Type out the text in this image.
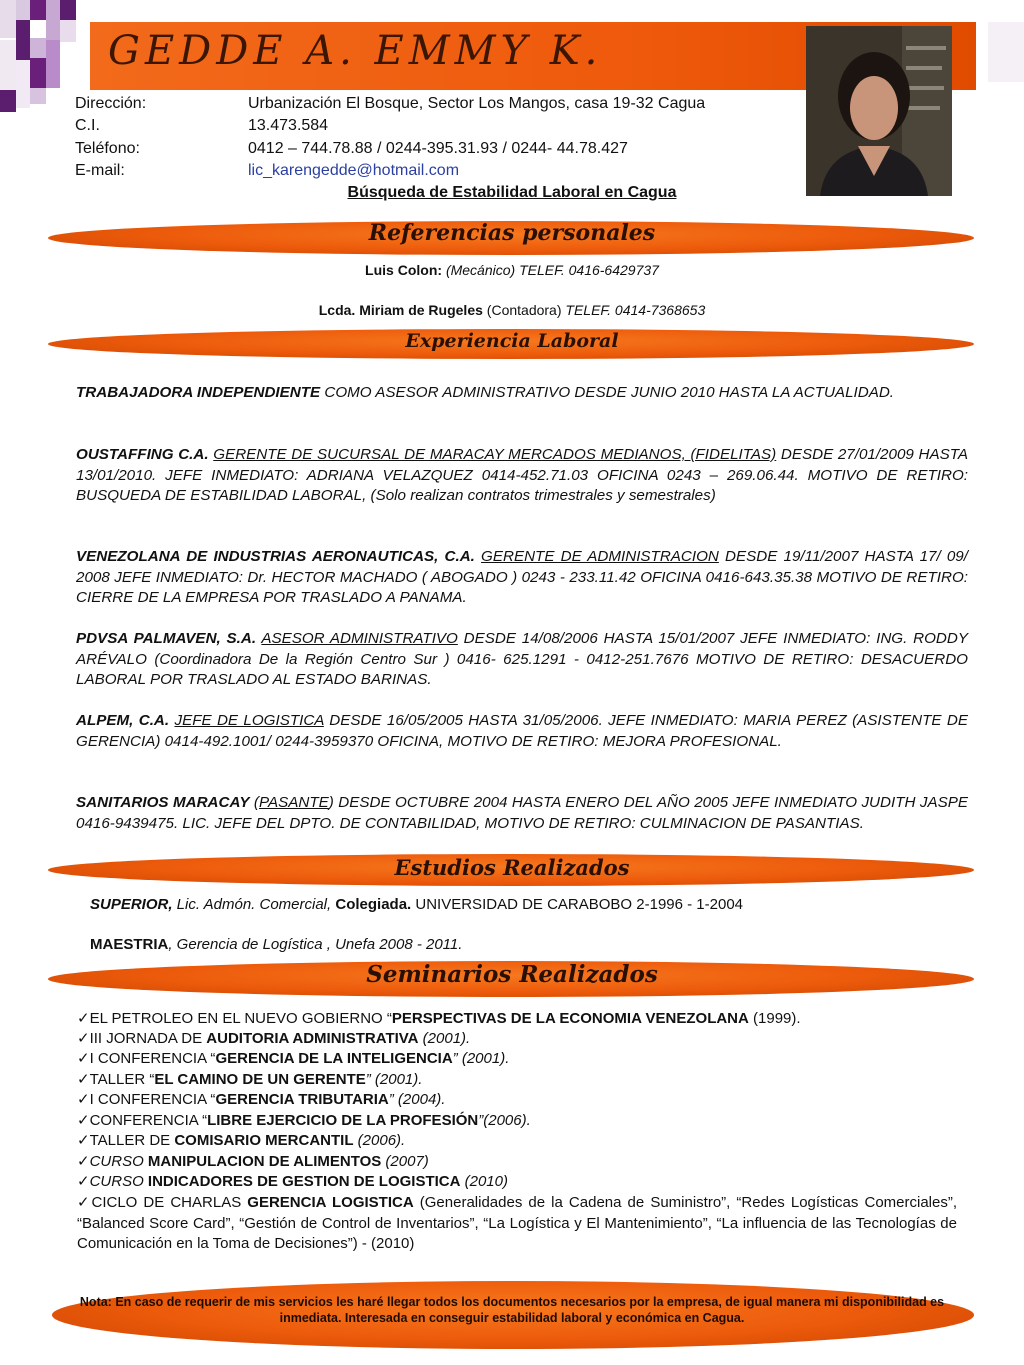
GEDDE A. EMMY K.
Dirección:	Urbanización El Bosque, Sector Los Mangos, casa 19-32 Cagua
C.I.	13.473.584
Teléfono:	0412 – 744.78.88 / 0244-395.31.93 / 0244- 44.78.427
E-mail:	lic_karengedde@hotmail.com
Búsqueda de Estabilidad Laboral en Cagua
Referencias personales
Luis Colon: (Mecánico) TELEF. 0416-6429737
Lcda. Miriam de Rugeles (Contadora) TELEF. 0414-7368653
Experiencia Laboral
TRABAJADORA INDEPENDIENTE COMO ASESOR ADMINISTRATIVO DESDE JUNIO 2010 HASTA LA ACTUALIDAD.
OUSTAFFING C.A. GERENTE DE SUCURSAL DE MARACAY MERCADOS MEDIANOS, (FIDELITAS) DESDE 27/01/2009 HASTA 13/01/2010. JEFE INMEDIATO: ADRIANA VELAZQUEZ 0414-452.71.03 OFICINA 0243 – 269.06.44. MOTIVO DE RETIRO: BUSQUEDA DE ESTABILIDAD LABORAL, (Solo realizan contratos trimestrales y semestrales)
VENEZOLANA DE INDUSTRIAS AERONAUTICAS, C.A. GERENTE DE ADMINISTRACION DESDE 19/11/2007 HASTA 17/ 09/ 2008 JEFE INMEDIATO: Dr. HECTOR MACHADO ( ABOGADO ) 0243 - 233.11.42 OFICINA 0416-643.35.38 MOTIVO DE RETIRO: CIERRE DE LA EMPRESA POR TRASLADO A PANAMA.
PDVSA PALMAVEN, S.A. ASESOR ADMINISTRATIVO DESDE 14/08/2006 HASTA 15/01/2007 JEFE INMEDIATO: ING. RODDY ARÉVALO (Coordinadora De la Región Centro Sur ) 0416- 625.1291 - 0412-251.7676 MOTIVO DE RETIRO: DESACUERDO LABORAL POR TRASLADO AL ESTADO BARINAS.
ALPEM, C.A. JEFE DE LOGISTICA DESDE 16/05/2005 HASTA 31/05/2006. JEFE INMEDIATO: MARIA PEREZ (ASISTENTE DE GERENCIA) 0414-492.1001/ 0244-3959370 OFICINA, MOTIVO DE RETIRO: MEJORA PROFESIONAL.
SANITARIOS MARACAY (PASANTE) DESDE OCTUBRE 2004 HASTA ENERO DEL AÑO 2005 JEFE INMEDIATO JUDITH JASPE 0416-9439475. LIC. JEFE DEL DPTO. DE CONTABILIDAD, MOTIVO DE RETIRO: CULMINACION DE PASANTIAS.
Estudios Realizados
SUPERIOR, Lic. Admón. Comercial, Colegiada. UNIVERSIDAD DE CARABOBO 2-1996 - 1-2004
MAESTRIA, Gerencia de Logística , Unefa 2008 - 2011.
Seminarios Realizados
✓EL PETROLEO EN EL NUEVO GOBIERNO “PERSPECTIVAS DE LA ECONOMIA VENEZOLANA (1999).
✓III JORNADA DE AUDITORIA ADMINISTRATIVA (2001).
✓I CONFERENCIA “GERENCIA DE LA INTELIGENCIA” (2001).
✓TALLER “EL CAMINO DE UN GERENTE” (2001).
✓I CONFERENCIA “GERENCIA TRIBUTARIA” (2004).
✓CONFERENCIA “LIBRE EJERCICIO DE LA PROFESIÓN”(2006).
✓TALLER DE COMISARIO MERCANTIL (2006).
✓CURSO MANIPULACION DE ALIMENTOS (2007)
✓CURSO INDICADORES DE GESTION DE LOGISTICA (2010)
✓CICLO DE CHARLAS GERENCIA LOGISTICA (Generalidades de la Cadena de Suministro”, “Redes Logísticas Comerciales”, “Balanced Score Card”, “Gestión de Control de Inventarios”, “La Logística y El Mantenimiento”, “La influencia de las Tecnologías de Comunicación en la Toma de Decisiones”) - (2010)
Nota: En caso de requerir de mis servicios les haré llegar todos los documentos necesarios por la empresa, de igual manera mi disponibilidad es inmediata. Interesada en conseguir estabilidad laboral y económica en Cagua.
